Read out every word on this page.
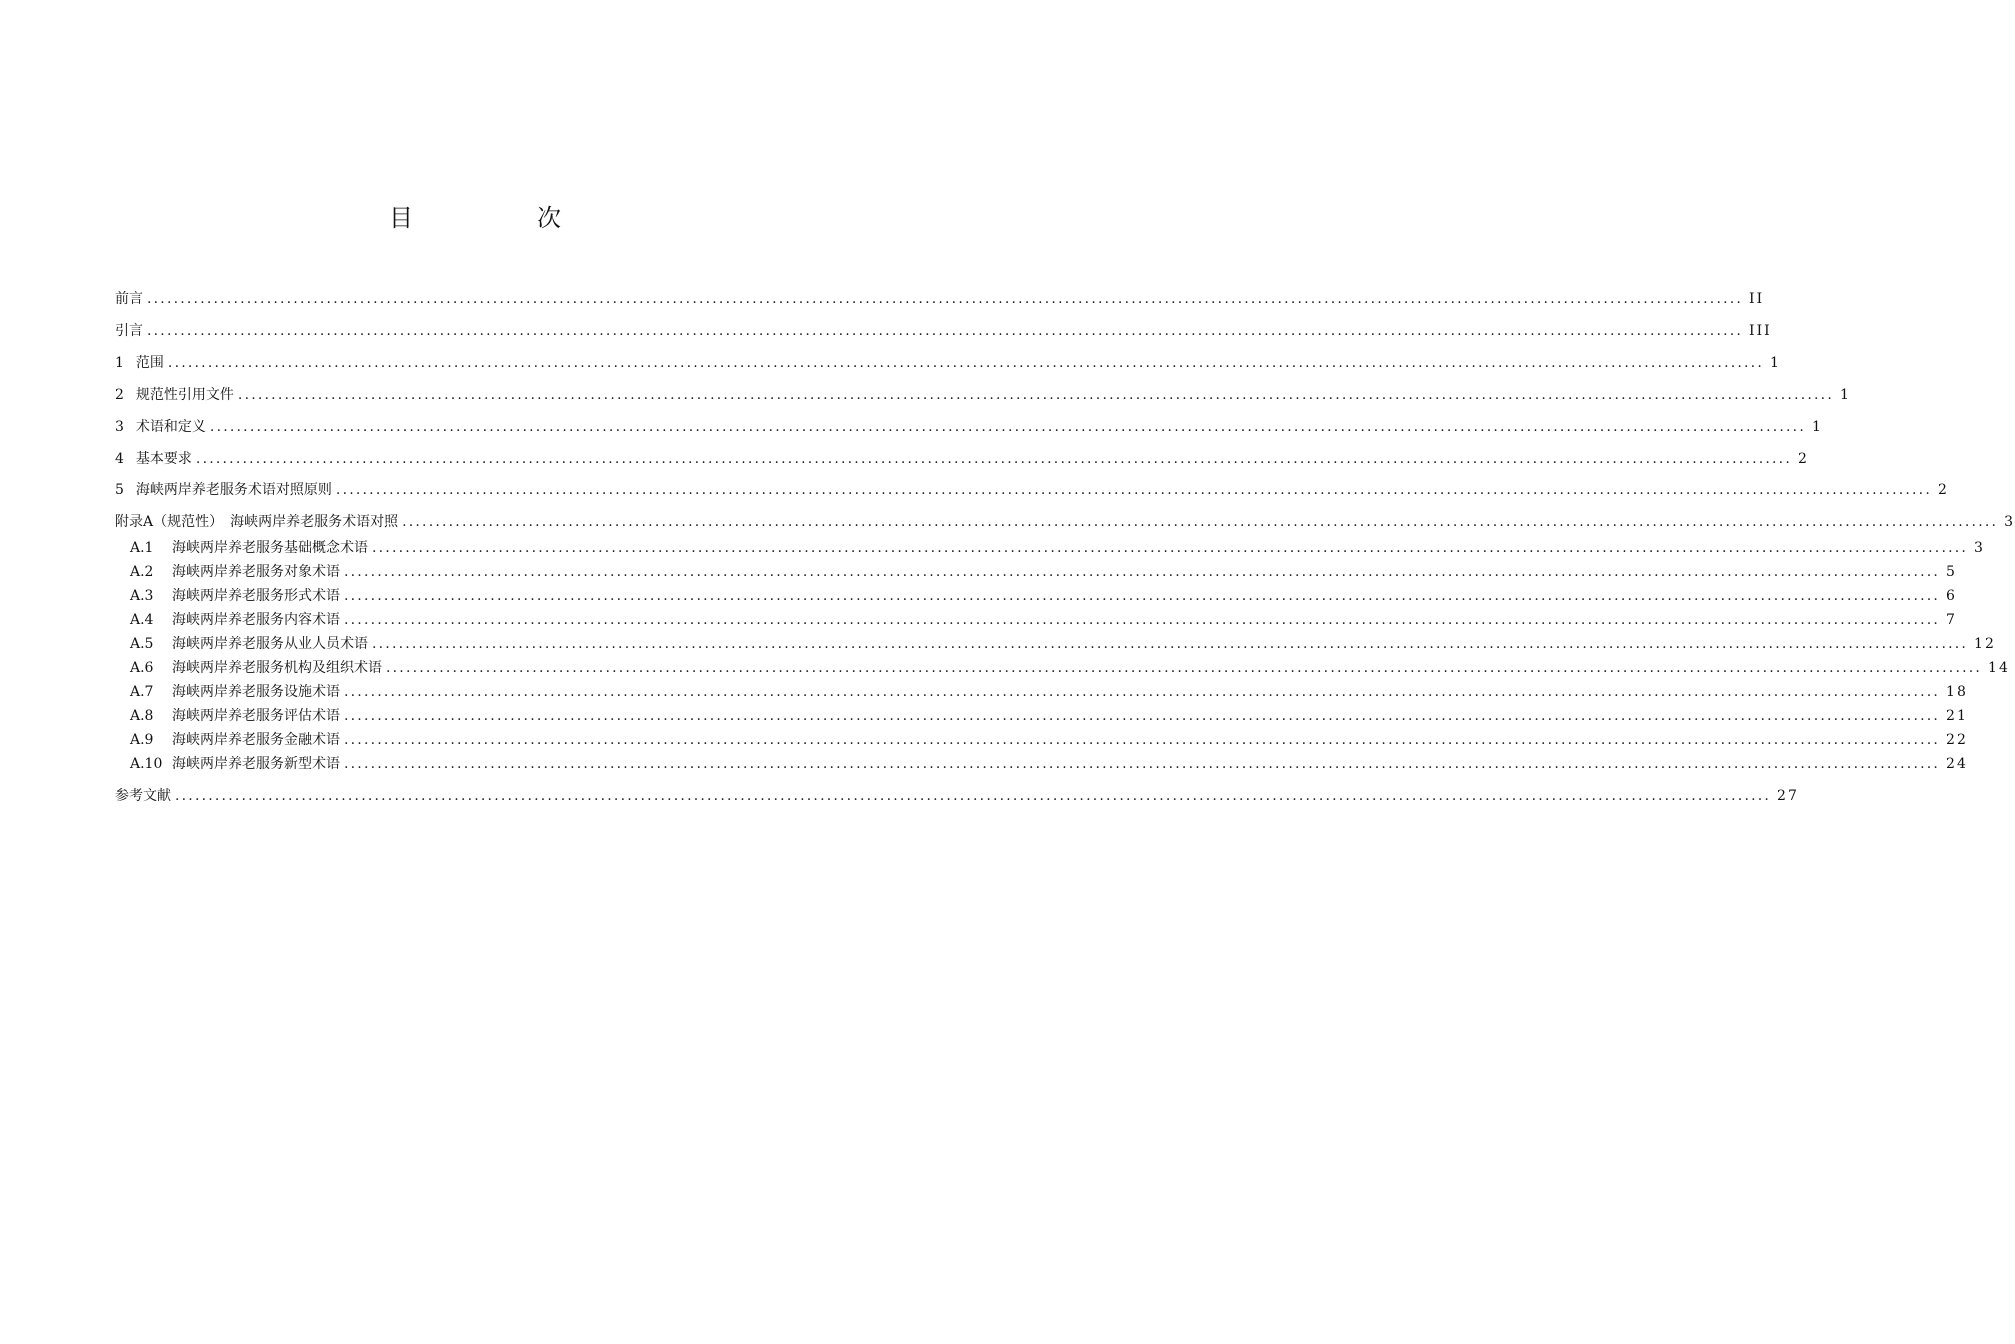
目　次
前言 ................................................................................................................................................................................................................................................ II
引言 ................................................................................................................................................................................................................................................ III
1 范围 ................................................................................................................................................................................................................................................ 1
2 规范性引用文件 ................................................................................................................................................................................................................................................ 1
3 术语和定义 ................................................................................................................................................................................................................................................ 1
4 基本要求 ................................................................................................................................................................................................................................................ 2
5 海峡两岸养老服务术语对照原则 ................................................................................................................................................................................................................................................ 2
附录A（规范性）　海峡两岸养老服务术语对照 ................................................................................................................................................................................................................................................ 3
A.1	海峡两岸养老服务基础概念术语 ................................................................................................................................................................................................................................................ 3
A.2	海峡两岸养老服务对象术语 ................................................................................................................................................................................................................................................ 5
A.3	海峡两岸养老服务形式术语 ................................................................................................................................................................................................................................................ 6
A.4	海峡两岸养老服务内容术语 ................................................................................................................................................................................................................................................ 7
A.5	海峡两岸养老服务从业人员术语 ................................................................................................................................................................................................................................................ 12
A.6	海峡两岸养老服务机构及组织术语 ................................................................................................................................................................................................................................................ 14
A.7	海峡两岸养老服务设施术语 ................................................................................................................................................................................................................................................ 18
A.8	海峡两岸养老服务评估术语 ................................................................................................................................................................................................................................................ 21
A.9	海峡两岸养老服务金融术语 ................................................................................................................................................................................................................................................ 22
A.10 海峡两岸养老服务新型术语 ................................................................................................................................................................................................................................................ 24
参考文献 ................................................................................................................................................................................................................................................ 27
